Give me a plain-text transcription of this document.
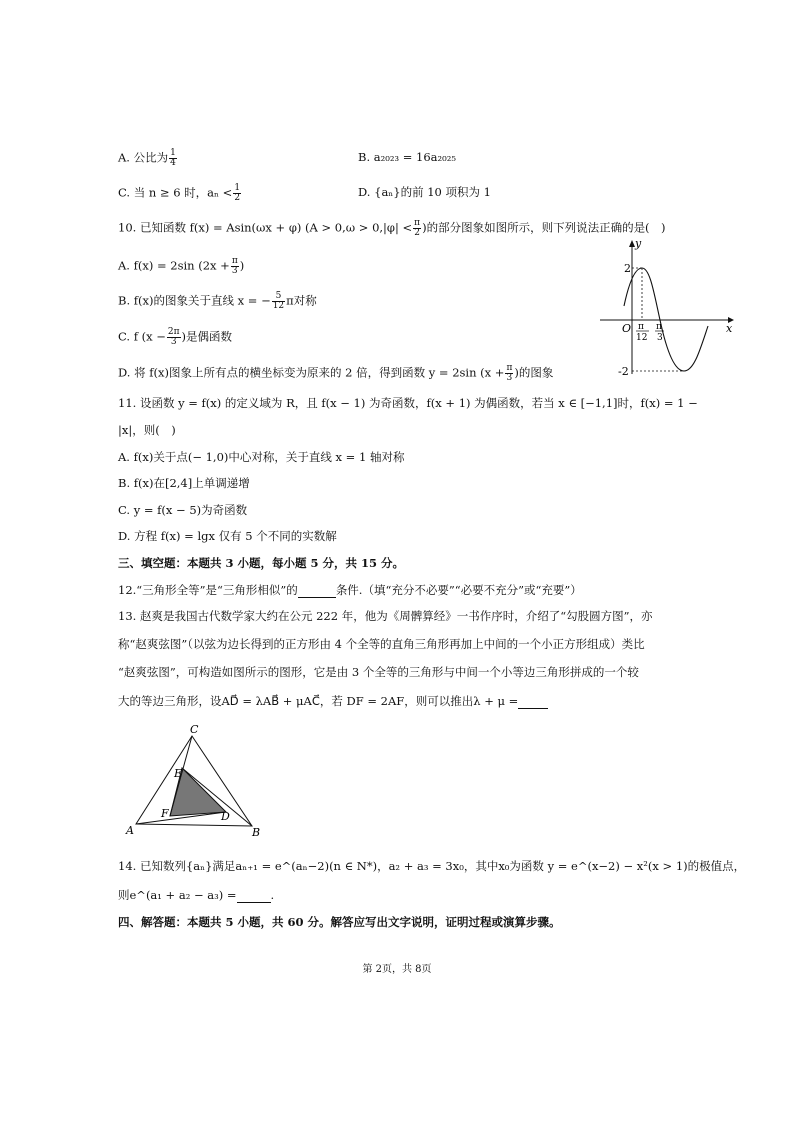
A. 公比为 $\frac{1}{4}$	B. a₂₀₂₃ = 16a₂₀₂₅
C. 当 n ≥ 6 时，$a_n < \frac{1}{2}$	D. {aₙ}的前 10 项积为 1
10. 已知函数 f(x) = Asin(ωx + φ) ($A > 0,\omega > 0,|\varphi| < \frac{\pi}{2}$ )的部分图象如图所示，则下列说法正确的是(　)
A. f(x) = 2sin ($2x + \frac{\pi}{3}$ )
B. f(x)的图象关于直线 x = − $\frac{5}{12}$ π对称
C. f ($x - \frac{2\pi}{3}$ )是偶函数
D. 将 f(x)图象上所有点的横坐标变为原来的 2 倍，得到函数 y = 2sin ($x + \frac{\pi}{3}$ )的图象
y
x
O
2
-2
π
12
π
3
11. 设函数 y = f(x) 的定义域为 R，且 f(x − 1) 为奇函数，f(x + 1) 为偶函数，若当 x ∈ [−1,1]时，f(x) = 1 −
|x|，则(　)
A. f(x)关于点(− 1,0)中心对称，关于直线 x = 1 轴对称
B. f(x)在[2,4]上单调递增
C. y = f(x − 5)为奇函数
D. 方程 f(x) = lgx 仅有 5 个不同的实数解
三、填空题：本题共 3 小题，每小题 5 分，共 15 分。
12.“三角形全等”是“三角形相似”的	条件.（填“充分不必要”“必要不充分”或“充要”）
13. 赵爽是我国古代数学家大约在公元 222 年，他为《周髀算经》一书作序时，介绍了“勾股圆方图”，亦
称“赵爽弦图”（以弦为边长得到的正方形由 4 个全等的直角三角形再加上中间的一个小正方形组成）类比
“赵爽弦图”，可构造如图所示的图形，它是由 3 个全等的三角形与中间一个小等边三角形拼成的一个较
大的等边三角形，设AD⃗ = λAB⃗ + μAC⃗，若 DF = 2AF，则可以推出λ + μ =
A	B
C
D
E
F
14. 已知数列{aₙ}满足aₙ₊₁ = e^(aₙ−2)(n ∈ N*)，a₂ + a₃ = 3x₀，其中x₀为函数 y = e^(x−2) − x²(x > 1)的极值点，
则e^(a₁ + a₂ − a₃) =	.
四、解答题：本题共 5 小题，共 60 分。解答应写出文字说明，证明过程或演算步骤。
第 2页，共 8页
